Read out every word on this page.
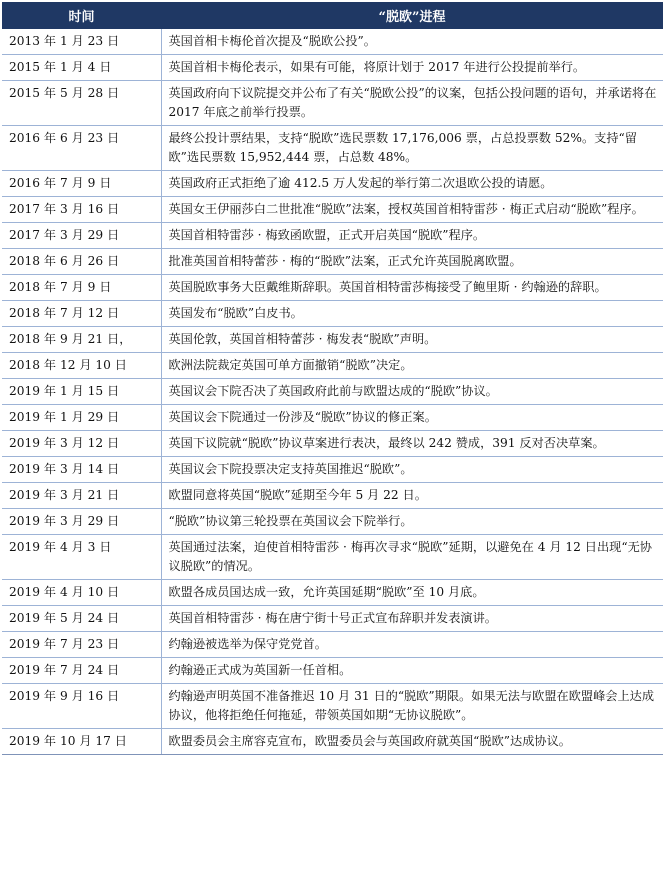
时间	“脱欧”进程
2013 年 1 月 23 日	英国首相卡梅伦首次提及“脱欧公投”。
2015 年 1 月 4 日	英国首相卡梅伦表示，如果有可能，将原计划于 2017 年进行公投提前举行。
2015 年 5 月 28 日	英国政府向下议院提交并公布了有关“脱欧公投”的议案，包括公投问题的语句，并承诺将在 2017 年底之前举行投票。
2016 年 6 月 23 日	最终公投计票结果，支持“脱欧”选民票数 17,176,006 票，占总投票数 52%。支持“留欧”选民票数 15,952,444 票，占总数 48%。
2016 年 7 月 9 日	英国政府正式拒绝了逾 412.5 万人发起的举行第二次退欧公投的请愿。
2017 年 3 月 16 日	英国女王伊丽莎白二世批准“脱欧”法案，授权英国首相特雷莎 · 梅正式启动“脱欧”程序。
2017 年 3 月 29 日	英国首相特雷莎 · 梅致函欧盟，正式开启英国“脱欧”程序。
2018 年 6 月 26 日	批准英国首相特蕾莎 · 梅的“脱欧”法案，正式允许英国脱离欧盟。
2018 年 7 月 9 日	英国脱欧事务大臣戴维斯辞职。英国首相特雷莎梅接受了鲍里斯 · 约翰逊的辞职。
2018 年 7 月 12 日	英国发布“脱欧”白皮书。
2018 年 9 月 21 日，	英国伦敦，英国首相特蕾莎 · 梅发表“脱欧”声明。
2018 年 12 月 10 日	欧洲法院裁定英国可单方面撤销“脱欧”决定。
2019 年 1 月 15 日	英国议会下院否决了英国政府此前与欧盟达成的“脱欧”协议。
2019 年 1 月 29 日	英国议会下院通过一份涉及“脱欧”协议的修正案。
2019 年 3 月 12 日	英国下议院就“脱欧”协议草案进行表决，最终以 242 赞成，391 反对否决草案。
2019 年 3 月 14 日	英国议会下院投票决定支持英国推迟“脱欧”。
2019 年 3 月 21 日	欧盟同意将英国“脱欧”延期至今年 5 月 22 日。
2019 年 3 月 29 日	“脱欧”协议第三轮投票在英国议会下院举行。
2019 年 4 月 3 日	英国通过法案，迫使首相特雷莎 · 梅再次寻求“脱欧”延期，以避免在 4 月 12 日出现“无协议脱欧”的情况。
2019 年 4 月 10 日	欧盟各成员国达成一致，允许英国延期“脱欧”至 10 月底。
2019 年 5 月 24 日	英国首相特雷莎 · 梅在唐宁街十号正式宣布辞职并发表演讲。
2019 年 7 月 23 日	约翰逊被选举为保守党党首。
2019 年 7 月 24 日	约翰逊正式成为英国新一任首相。
2019 年 9 月 16 日	约翰逊声明英国不准备推迟 10 月 31 日的“脱欧”期限。如果无法与欧盟在欧盟峰会上达成协议，他将拒绝任何拖延，带领英国如期“无协议脱欧”。
2019 年 10 月 17 日	欧盟委员会主席容克宣布，欧盟委员会与英国政府就英国“脱欧”达成协议。
